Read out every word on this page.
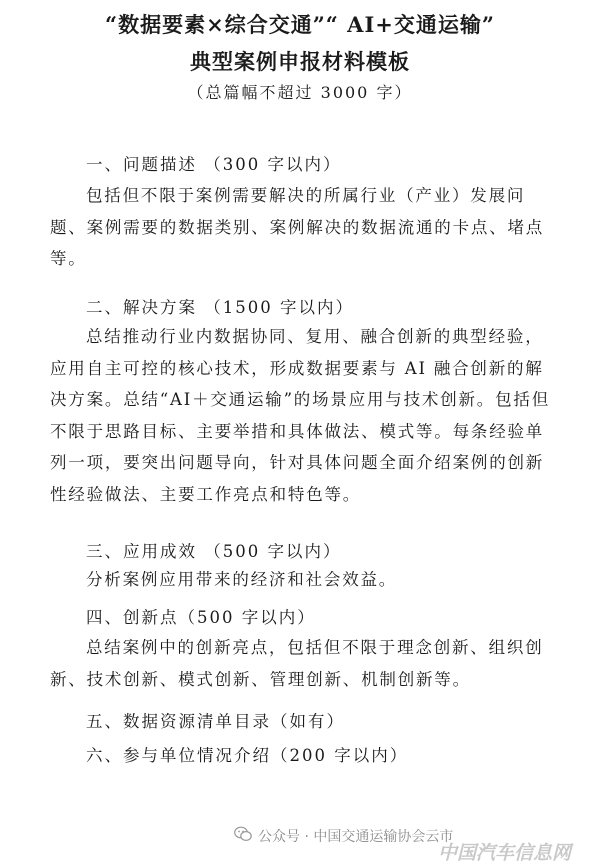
“数据要素×综合交通”“ AI+交通运输”
典型案例申报材料模板
（总篇幅不超过 3000 字）
一、问题描述 （300 字以内）
包括但不限于案例需要解决的所属行业（产业）发展问题、案例需要的数据类别、案例解决的数据流通的卡点、堵点等。
二、解决方案 （1500 字以内）
总结推动行业内数据协同、复用、融合创新的典型经验，应用自主可控的核心技术，形成数据要素与 AI 融合创新的解决方案。总结“AI＋交通运输”的场景应用与技术创新。包括但不限于思路目标、主要举措和具体做法、模式等。每条经验单列一项，要突出问题导向，针对具体问题全面介绍案例的创新性经验做法、主要工作亮点和特色等。
三、应用成效 （500 字以内）
分析案例应用带来的经济和社会效益。
四、创新点（500 字以内）
总结案例中的创新亮点，包括但不限于理念创新、组织创新、技术创新、模式创新、管理创新、机制创新等。
五、数据资源清单目录（如有）
六、参与单位情况介绍（200 字以内）
公众号 · 中国交通运输协会云市
中国汽车信息网
